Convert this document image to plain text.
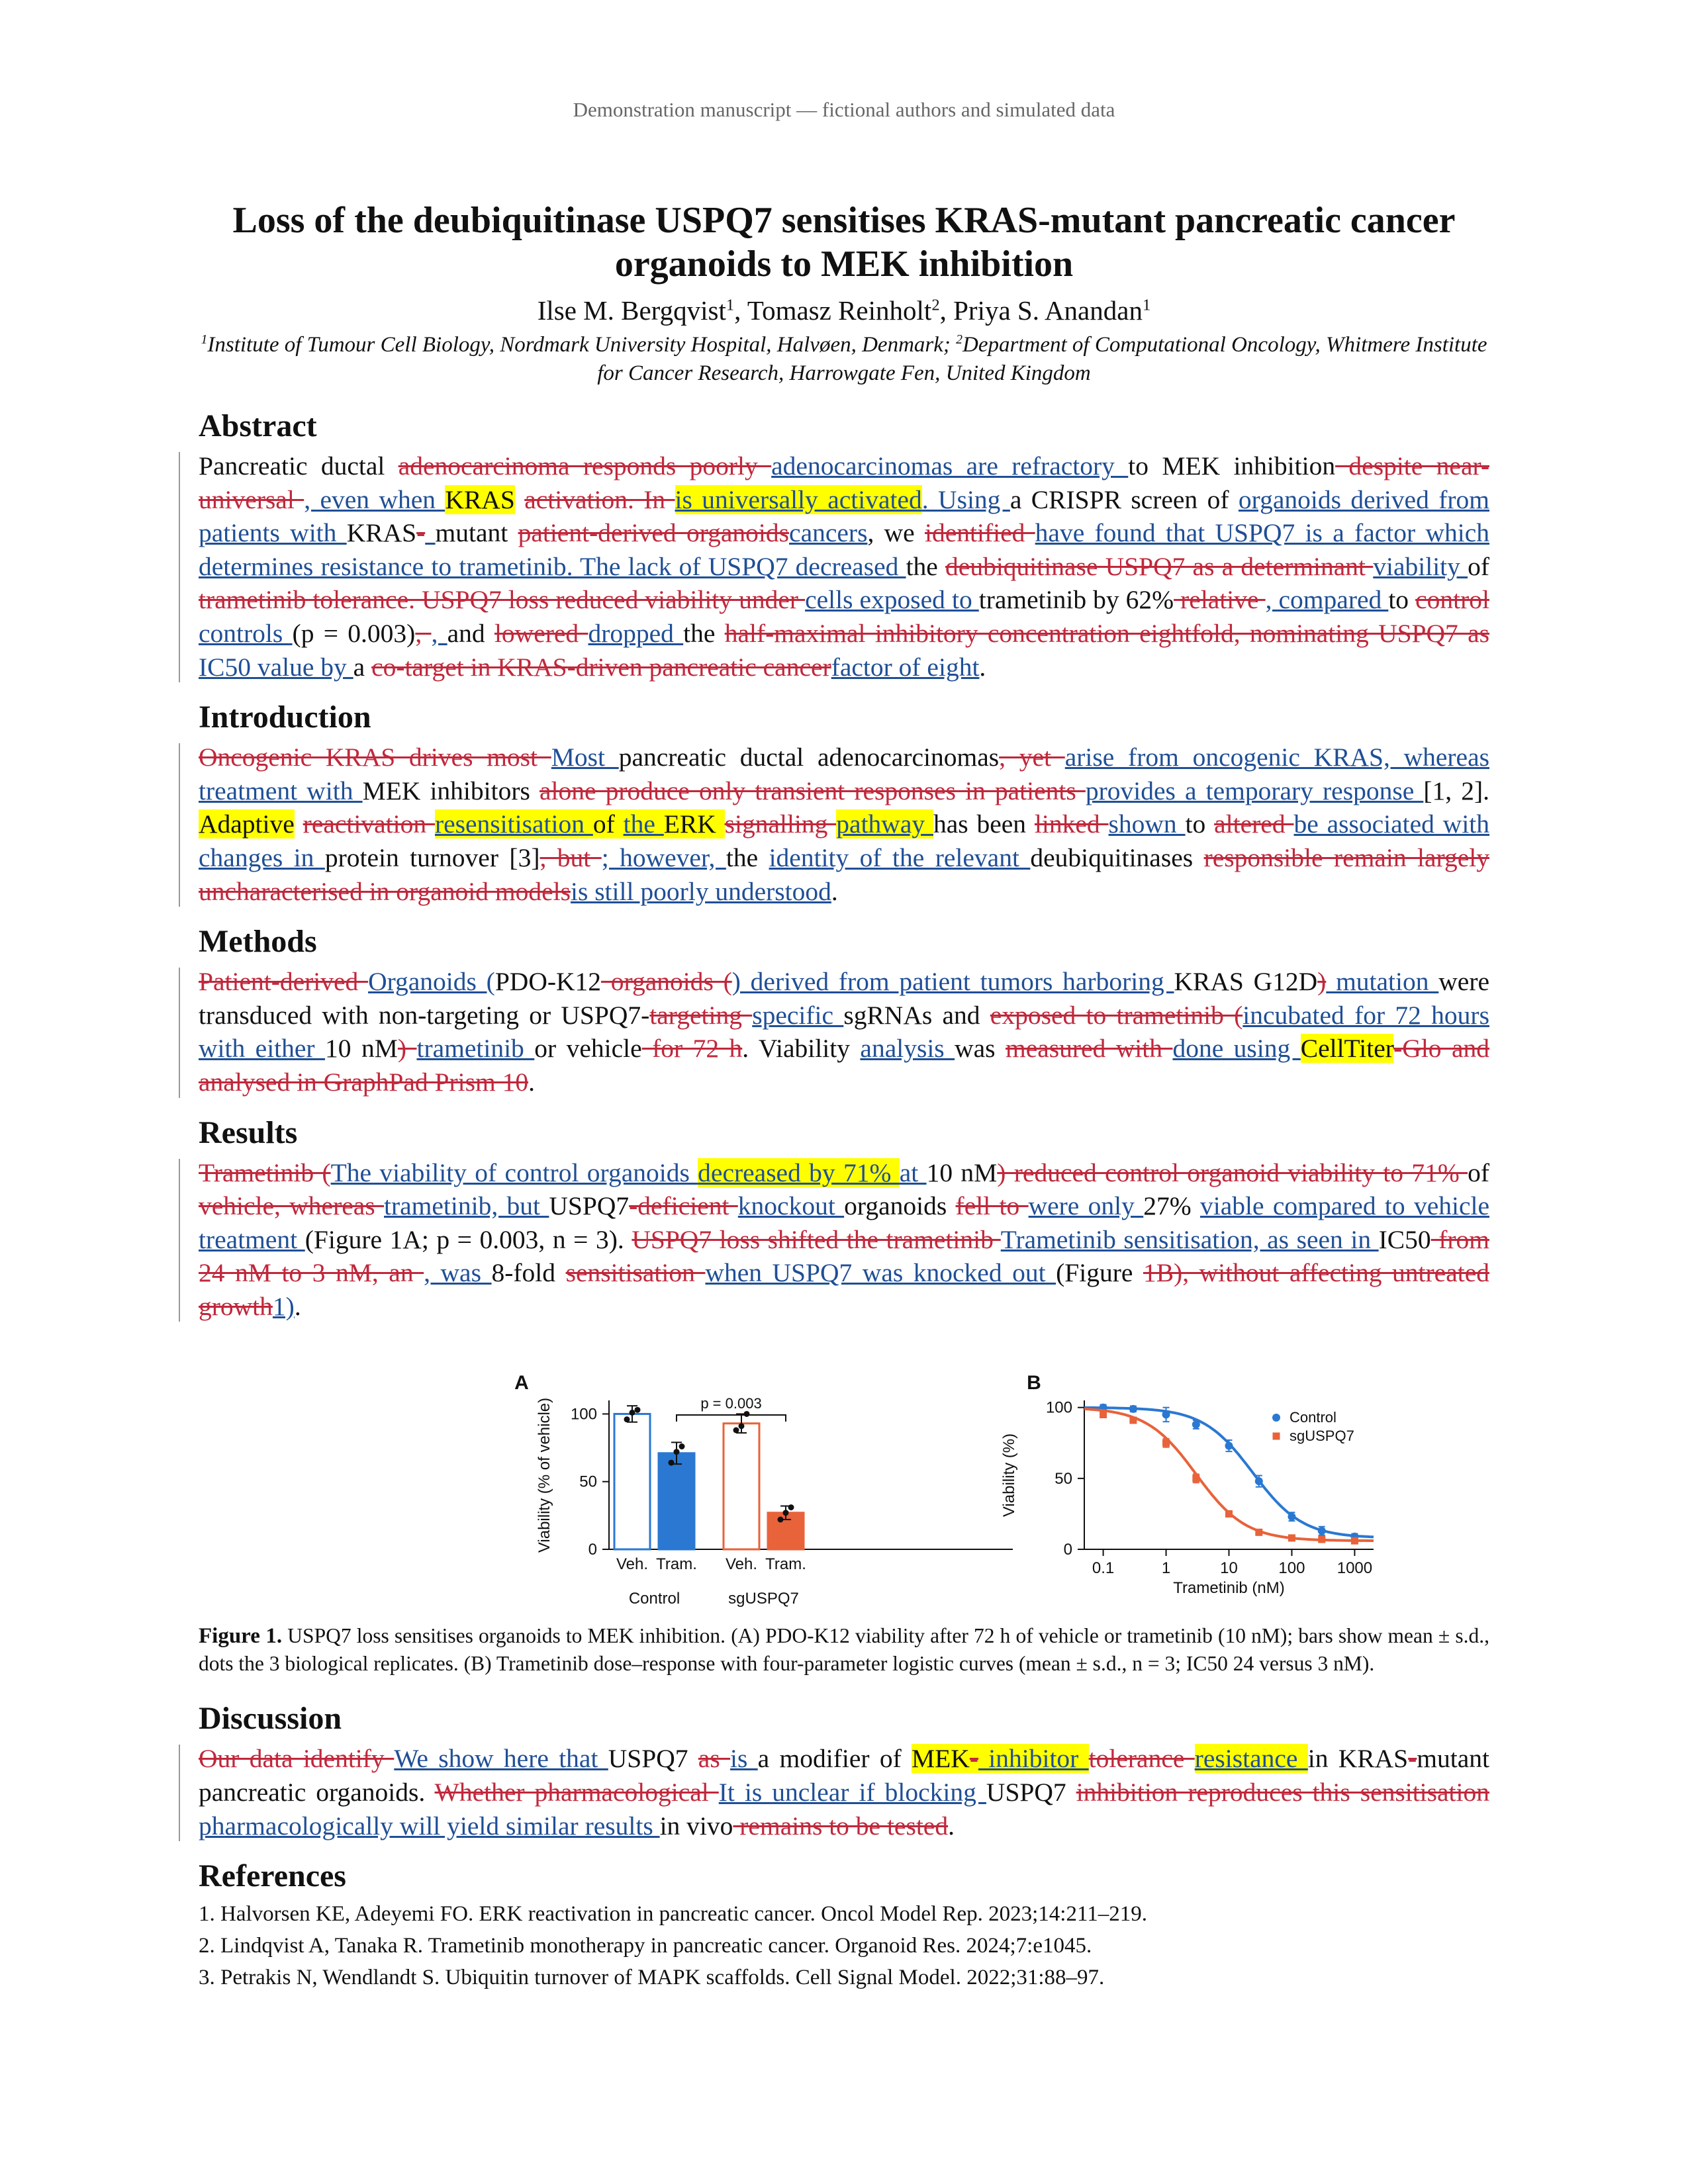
Demonstration manuscript — fictional authors and simulated data
Loss of the deubiquitinase USPQ7 sensitises KRAS-mutant pancreatic cancer organoids to MEK inhibition
Ilse M. Bergqvist$^1$, Tomasz Reinholt$^2$, Priya S. Anandan$^1$
$^1$Institute of Tumour Cell Biology, Nordmark University Hospital, Halvøen, Denmark; $^2$Department of Computational Oncology, Whitmere Institute for Cancer Research, Harrowgate Fen, United Kingdom
Abstract
Pancreatic ductal adenocarcinoma responds poorly adenocarcinomas are refractory to MEK inhibition despite near-universal , even when KRAS activation. In is universally activated. Using a CRISPR screen of organoids derived from patients with KRAS- mutant patient-derived organoidscancers, we identified have found that USPQ7 is a factor which determines resistance to trametinib. The lack of USPQ7 decreased the deubiquitinase USPQ7 as a determinant viability of trametinib tolerance. USPQ7 loss reduced viability under cells exposed to trametinib by 62% relative , compared to control controls (p = 0.003), , and lowered dropped the half-maximal inhibitory concentration eightfold, nominating USPQ7 as IC50 value by a co-target in KRAS-driven pancreatic cancerfactor of eight.
Introduction
Oncogenic KRAS drives most Most pancreatic ductal adenocarcinomas, yet arise from oncogenic KRAS, whereas treatment with MEK inhibitors alone produce only transient responses in patients provides a temporary response [1, 2]. Adaptive reactivation resensitisation of the ERK signalling pathway has been linked shown to altered be associated with changes in protein turnover [3], but ; however, the identity of the relevant deubiquitinases responsible remain largely uncharacterised in organoid modelsis still poorly understood.
Methods
Patient-derived Organoids (PDO-K12 organoids () derived from patient tumors harboring KRAS G12D) mutation were transduced with non-targeting or USPQ7-targeting specific sgRNAs and exposed to trametinib (incubated for 72 hours with either 10 nM) trametinib or vehicle for 72 h. Viability analysis was measured with done using CellTiter-Glo and analysed in GraphPad Prism 10.
Results
Trametinib (The viability of control organoids decreased by 71% at 10 nM) reduced control organoid viability to 71% of vehicle, whereas trametinib, but USPQ7-deficient knockout organoids fell to were only 27% viable compared to vehicle treatment (Figure 1A; p = 0.003, n = 3). USPQ7 loss shifted the trametinib Trametinib sensitisation, as seen in IC50 from 24 nM to 3 nM, an , was 8-fold sensitisation when USPQ7 was knocked out (Figure 1B), without affecting untreated growth1).
A
0
50
100
Viability (% of vehicle)
Veh. Tram. Veh. Tram.
Control	sgUSPQ7
p = 0.003
B
0
50
100
0.1	1	10	100 1000
Trametinib (nM)
Viability (%)
Control
sgUSPQ7
Figure 1. USPQ7 loss sensitises organoids to MEK inhibition. (A) PDO-K12 viability after 72 h of vehicle or trametinib (10 nM); bars show mean ± s.d., dots the 3 biological replicates. (B) Trametinib dose–response with four-parameter logistic curves (mean ± s.d., n = 3; IC50 24 versus 3 nM).
Discussion
Our data identify We show here that USPQ7 as is a modifier of MEK- inhibitor tolerance resistance in KRAS-mutant pancreatic organoids. Whether pharmacological It is unclear if blocking USPQ7 inhibition reproduces this sensitisation pharmacologically will yield similar results in vivo remains to be tested.
References
1. Halvorsen KE, Adeyemi FO. ERK reactivation in pancreatic cancer. Oncol Model Rep. 2023;14:211–219.
2. Lindqvist A, Tanaka R. Trametinib monotherapy in pancreatic cancer. Organoid Res. 2024;7:e1045.
3. Petrakis N, Wendlandt S. Ubiquitin turnover of MAPK scaffolds. Cell Signal Model. 2022;31:88–97.
